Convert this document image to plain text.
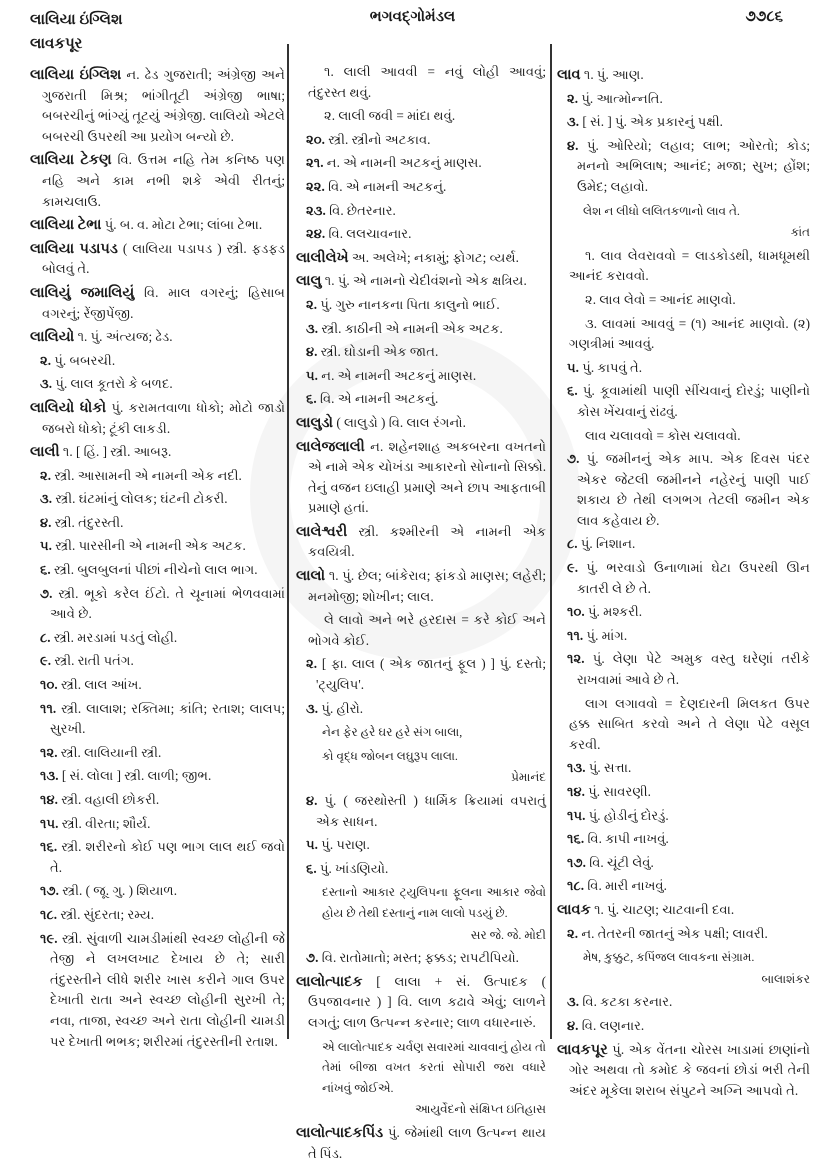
લાલિયા ઇંગ્લિશ
લાવકપૂર
ભગવદ્ગોમંડલ	૭૭૮૬
લાલિયા ઇંગ્લિશ ન. ઢેડ ગુજરાતી; અંગ્રેજી અને ગુજરાતી મિશ્ર; ભાંગીતૂટી અંગ્રેજી ભાષા; બબરચીનું ભાંગ્યું તૂટયું અંગ્રેજી. લાલિયો એટલે બબરચી ઉપરથી આ પ્રયોગ બન્યો છે.
લાલિયા ટેકણ વિ. ઉત્તમ નહિ તેમ કનિષ્ઠ પણ નહિ અને કામ નભી શકે એવી રીતનું; કામચલાઉ.
લાલિયા ટેભા પું. બ. વ. મોટા ટેભા; લાંબા ટેભા.
લાલિયા પડાપડ ( લાલિયા પડાપડ ) સ્ત્રી. ફડફડ બોલવું તે.
લાલિયું જમાલિયું વિ. માલ વગરનું; હિસાબ વગરનું; રેંજીપેંજી.
લાલિયો ૧. પું. અંત્યજ; ઢેડ.
૨. પું. બબરચી.
૩. પું. લાલ કૂતરો કે બળદ.
લાલિયો ધોકો પું. કરામતવાળા ધોકો; મોટો જાડો જબરો ધોકો; ટૂંકી લાકડી.
લાલી ૧. [ હિં. ] સ્ત્રી. આબરૂ.
૨. સ્ત્રી. આસામની એ નામની એક નદી.
૩. સ્ત્રી. ઘંટમાંનું લોલક; ઘંટની ટોકરી.
૪. સ્ત્રી. તંદુરસ્તી.
૫. સ્ત્રી. પારસીની એ નામની એક અટક.
૬. સ્ત્રી. બુલબુલનાં પીછાં નીચેનો લાલ ભાગ.
૭. સ્ત્રી. ભૂકો કરેલ ઈંટો. તે ચૂનામાં ભેળવવામાં આવે છે.
૮. સ્ત્રી. મરડામાં પડતું લોહી.
૯. સ્ત્રી. રાતી પતંગ.
૧૦. સ્ત્રી. લાલ આંખ.
૧૧. સ્ત્રી. લાલાશ; રક્તિમા; કાંતિ; રતાશ; લાલપ; સુરખી.
૧૨. સ્ત્રી. લાલિયાની સ્ત્રી.
૧૩. [ સં. લોલા ] સ્ત્રી. લાળી; જીભ.
૧૪. સ્ત્રી. વહાલી છોકરી.
૧૫. સ્ત્રી. વીરતા; શૌર્ય.
૧૬. સ્ત્રી. શરીરનો કોઈ પણ ભાગ લાલ થઈ જવો તે.
૧૭. સ્ત્રી. ( જૂ. ગુ. ) શિયાળ.
૧૮. સ્ત્રી. સુંદરતા; રમ્ય.
૧૯. સ્ત્રી. સુંવાળી ચામડીમાંથી સ્વચ્છ લોહીની જે તેજી ને લખલખાટ દેખાય છે તે; સારી તંદુરસ્તીને લીધે શરીર ખાસ કરીને ગાલ ઉપર દેખાતી રાતા અને સ્વચ્છ લોહીની સુરખી તે; નવા, તાજા, સ્વચ્છ અને રાતા લોહીની ચામડી પર દેખાતી ભભક; શરીરમાં તંદુરસ્તીની રતાશ.
૧. લાલી આવવી = નવું લોહી આવવું; તંદુરસ્ત થવું.
૨. લાલી જવી = માંદા થવું.
૨૦. સ્ત્રી. સ્ત્રીનો અટકાવ.
૨૧. ન. એ નામની અટકનું માણસ.
૨૨. વિ. એ નામની અટકનું.
૨૩. વિ. છેતરનાર.
૨૪. વિ. લલચાવનાર.
લાલીલેખે અ. અલેખે; નકામું; ફોગટ; વ્યર્થ.
લાલુ ૧. પું. એ નામનો ચેદીવંશનો એક ક્ષત્રિય.
૨. પું. ગુરુ નાનકના પિતા કાલુનો ભાઈ.
૩. સ્ત્રી. કાઠીની એ નામની એક અટક.
૪. સ્ત્રી. ઘોડાની એક જાત.
૫. ન. એ નામની અટકનું માણસ.
૬. વિ. એ નામની અટકનું.
લાલુડો ( લાલુડો ) વિ. લાલ રંગનો.
લાલેજલાલી ન. શહેનશાહ અકબરના વખતનો એ નામે એક ચોખંડા આકારનો સોનાનો સિક્કો. તેનું વજન ઇલાહી પ્રમાણે અને છાપ આફતાબી પ્રમાણે હતાં.
લાલેશ્વરી સ્ત્રી. કશ્મીરની એ નામની એક કવયિત્રી.
લાલો ૧. પું. છેલ; બાંકેરાવ; ફાંકડો માણસ; લહેરી; મનમોજી; શોખીન; લાલ.
લે લાવો અને ભરે હરદાસ = કરે કોઈ અને ભોગવે કોઈ.
૨. [ ફા. લાલ ( એક જાતનું ફૂલ ) ] પું. દસ્તો; 'ટ્યુલિપ'.
૩. પું. હીરો.
નેન ફેર હરે ઘર હરે સંગ બાલા,
કો વૃદ્ધ જોબન લઘુરૂપ લાલા.
પ્રેમાનંદ
૪. પું. ( જરથોસ્તી ) ધાર્મિક ક્રિયામાં વપરાતું એક સાધન.
૫. પું. પરાણ.
૬. પું. ખાંડણિયો.
દસ્તાનો આકાર ટ્યુલિપના ફૂલના આકાર જેવો હોય છે તેથી દસ્તાનું નામ લાલો પડયું છે.
સર જે. જે. મોદી
૭. વિ. રાતોમાતો; મસ્ત; ફક્કડ; રાપટીપિયો.
લાલોત્પાદક [ લાલા + સં. ઉત્પાદક ( ઉપજાવનાર ) ] વિ. લાળ કઢાવે એવું; લાળને લગતું; લાળ ઉત્પન્ન કરનાર; લાળ વધારનારું.
એ લાલોત્પાદક ચર્વણ સવારમાં ચાવવાનું હોય તો તેમાં બીજા વખત કરતાં સોપારી જરા વધારે નાંખવું જોઈએ.
આયુર્વેદનો સંક્ષિપ્ત ઇતિહાસ
લાલોત્પાદકપિંડ પું. જેમાંથી લાળ ઉત્પન્ન થાય તે પિંડ.
લાવ ૧. પું. આણ.
૨. પું. આત્મોન્નતિ.
૩. [ સં. ] પું. એક પ્રકારનું પક્ષી.
૪. પું. ઓરિયો; લહાવ; લાભ; ઓરતો; કોડ; મનનો અભિલાષ; આનંદ; મજા; સુખ; હોંશ; ઉમેદ; લહાવો.
લેશ ન લીધો લલિતકળાનો લાવ તે.
કાંત
૧. લાવ લેવરાવવો = લાડકોડથી, ધામધૂમથી આનંદ કરાવવો.
૨. લાવ લેવો = આનંદ માણવો.
૩. લાવમાં આવવું = (૧) આનંદ માણવો. (૨) ગણત્રીમાં આવવું.
૫. પું. કાપવું તે.
૬. પું. કૂવામાંથી પાણી સીંચવાનું દોરડું; પાણીનો કોસ ખેંચવાનું રાંઢવું.
લાવ ચલાવવો = કોસ ચલાવવો.
૭. પું. જમીનનું એક માપ. એક દિવસ પંદર એકર જેટલી જમીનને નહેરનું પાણી પાઈ શકાય છે તેથી લગભગ તેટલી જમીન એક લાવ કહેવાય છે.
૮. પું. નિશાન.
૯. પું. ભરવાડો ઉનાળામાં ઘેટા ઉપરથી ઊન કાતરી લે છે તે.
૧૦. પું. મશ્કરી.
૧૧. પું. માંગ.
૧૨. પું. લેણા પેટે અમુક વસ્તુ ઘરેણાં તરીકે રાખવામાં આવે છે તે.
લાગ લગાવવો = દેણદારની મિલકત ઉપર હક્ક સાબિત કરવો અને તે લેણા પેટે વસૂલ કરવી.
૧૩. પું. સત્તા.
૧૪. પું. સાવરણી.
૧૫. પું. હોડીનું દોરડું.
૧૬. વિ. કાપી નાખવું.
૧૭. વિ. ચૂંટી લેવું.
૧૮. વિ. મારી નાખવું.
લાવક ૧. પું. ચાટણ; ચાટવાની દવા.
૨. ન. તેતરની જાતનું એક પક્ષી; લાવરી.
મેષ, કુક્કુટ, કપિંજલ લાવકના સંગ્રામ.
બાલાશંકર
૩. વિ. કટકા કરનાર.
૪. વિ. લણનાર.
લાવકપૂર પું. એક વેંતના ચોરસ ખાડામાં છાણાંનો ગોર અથવા તો કમોદ કે જવનાં છોડાં ભરી તેની અંદર મૂકેલા શરાબ સંપુટને અગ્નિ આપવો તે.
